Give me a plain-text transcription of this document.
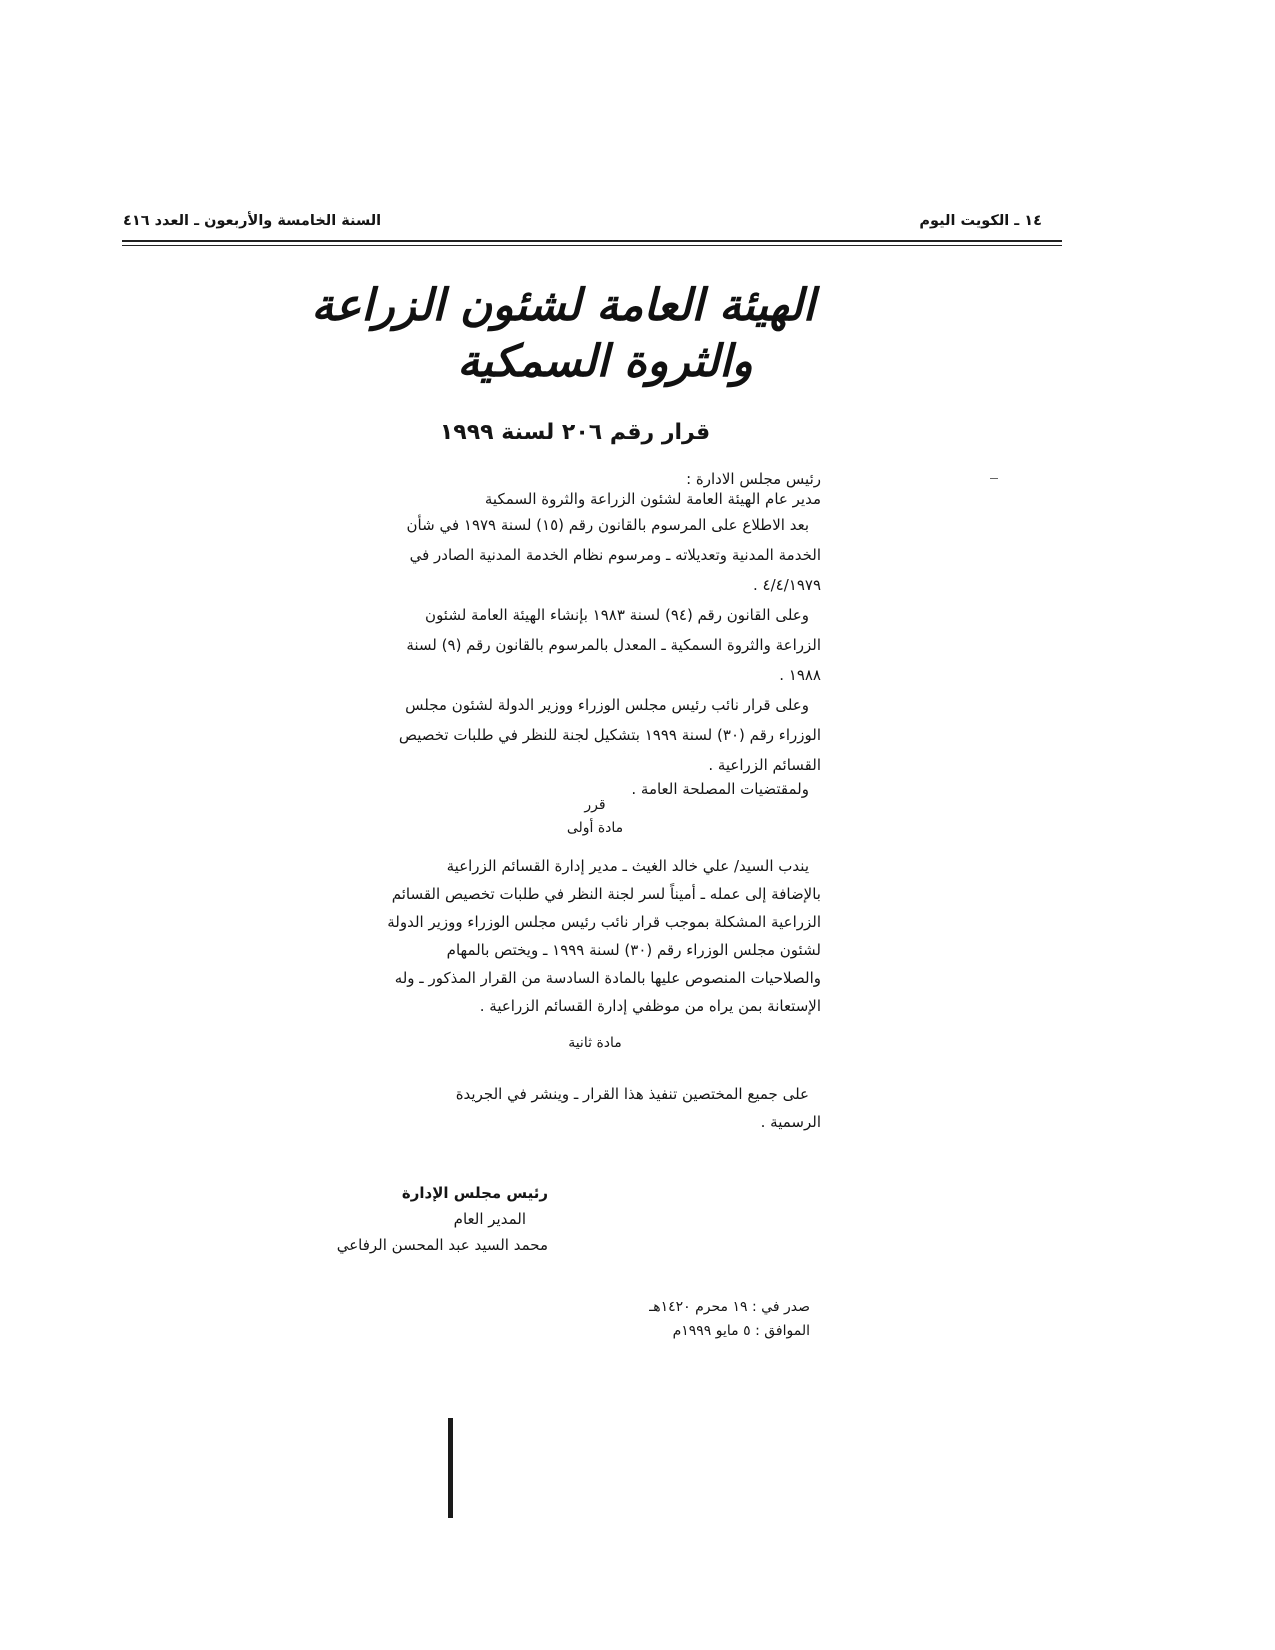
١٤ ـ الكويت اليوم
السنة الخامسة والأربعون ـ العدد ٤١٦
الهيئة العامة لشئون الزراعة
والثروة السمكية
قرار رقم ٢٠٦ لسنة ١٩٩٩
رئيس مجلس الادارة :
مدير عام الهيئة العامة لشئون الزراعة والثروة السمكية
بعد الاطلاع على المرسوم بالقانون رقم (١٥) لسنة ١٩٧٩ في شأن
الخدمة المدنية وتعديلاته ـ ومرسوم نظام الخدمة المدنية الصادر في
٤/٤/١٩٧٩ .
وعلى القانون رقم (٩٤) لسنة ١٩٨٣ بإنشاء الهيئة العامة لشئون
الزراعة والثروة السمكية ـ المعدل بالمرسوم بالقانون رقم (٩) لسنة
١٩٨٨ .
وعلى قرار نائب رئيس مجلس الوزراء ووزير الدولة لشئون مجلس
الوزراء رقم (٣٠) لسنة ١٩٩٩ بتشكيل لجنة للنظر في طلبات تخصيص
القسائم الزراعية .
ولمقتضيات المصلحة العامة .
قرر
مادة أولى
يندب السيد/ علي خالد الغيث ـ مدير إدارة القسائم الزراعية
بالإضافة إلى عمله ـ أميناً لسر لجنة النظر في طلبات تخصيص القسائم
الزراعية المشكلة بموجب قرار نائب رئيس مجلس الوزراء ووزير الدولة
لشئون مجلس الوزراء رقم (٣٠) لسنة ١٩٩٩ ـ ويختص بالمهام
والصلاحيات المنصوص عليها بالمادة السادسة من القرار المذكور ـ وله
الإستعانة بمن يراه من موظفي إدارة القسائم الزراعية .
مادة ثانية
على جميع المختصين تنفيذ هذا القرار ـ وينشر في الجريدة
الرسمية .
رئيس مجلس الإدارة
المدير العام
محمد السيد عبد المحسن الرفاعي
صدر في : ١٩ محرم ١٤٢٠هـ
الموافق : ٥ مايو ١٩٩٩م
